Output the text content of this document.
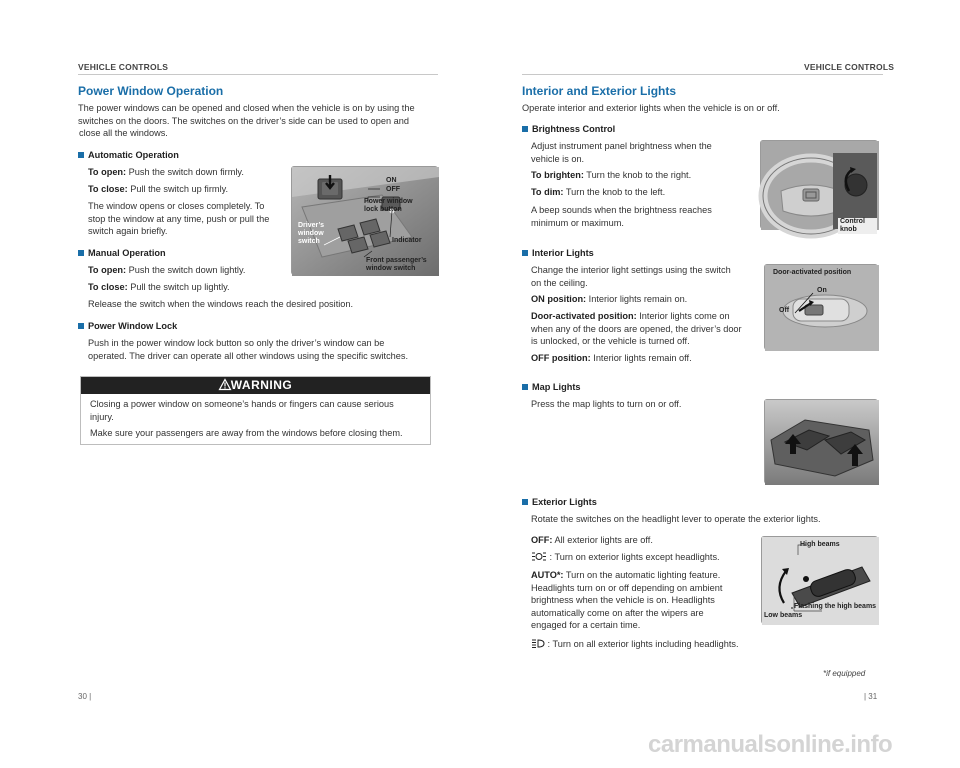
VEHICLE CONTROLS
Power Window Operation
The power windows can be opened and closed when the vehicle is on by using the
switches on the doors. The switches on the driver’s side can be used to open and
close all the windows.
Automatic Operation
To open: Push the switch down firmly.
To close: Pull the switch up firmly.
The window opens or closes completely. To
stop the window at any time, push or pull the
switch again briefly.
Manual Operation
To open: Push the switch down lightly.
To close: Pull the switch up lightly.
Release the switch when the windows reach the desired position.
Power Window Lock
Push in the power window lock button so only the driver’s window can be
operated. The driver can operate all other windows using the specific switches.
ON
OFF
Power window
lock button
Driver’s
window
switch	Indicator
Front passenger’s
window switch
WARNING
Closing a power window on someone’s hands or fingers can cause serious
injury.
Make sure your passengers are away from the windows before closing them.
30 |
VEHICLE CONTROLS
Interior and Exterior Lights
Operate interior and exterior lights when the vehicle is on or off.
Brightness Control
Adjust instrument panel brightness when the
vehicle is on.
To brighten: Turn the knob to the right.
To dim: Turn the knob to the left.
A beep sounds when the brightness reaches
minimum or maximum.	Control knob
Interior Lights
Change the interior light settings using the switch
on the ceiling.
ON position: Interior lights remain on.
Door-activated position: Interior lights come on
when any of the doors are opened, the driver’s door
is unlocked, or the vehicle is turned off.
OFF position: Interior lights remain off.
Door-activated position
On
Off
Map Lights
Press the map lights to turn on or off.
Exterior Lights
Rotate the switches on the headlight lever to operate the exterior lights.
OFF: All exterior lights are off.
: Turn on exterior lights except headlights.
AUTO*: Turn on the automatic lighting feature.
Headlights turn on or off depending on ambient
brightness when the vehicle is on. Headlights
automatically come on after the wipers are
engaged for a certain time.
: Turn on all exterior lights including headlights.
High beams
Flashing the high beams
Low beams
*if equipped
| 31
carmanualsonline.info
